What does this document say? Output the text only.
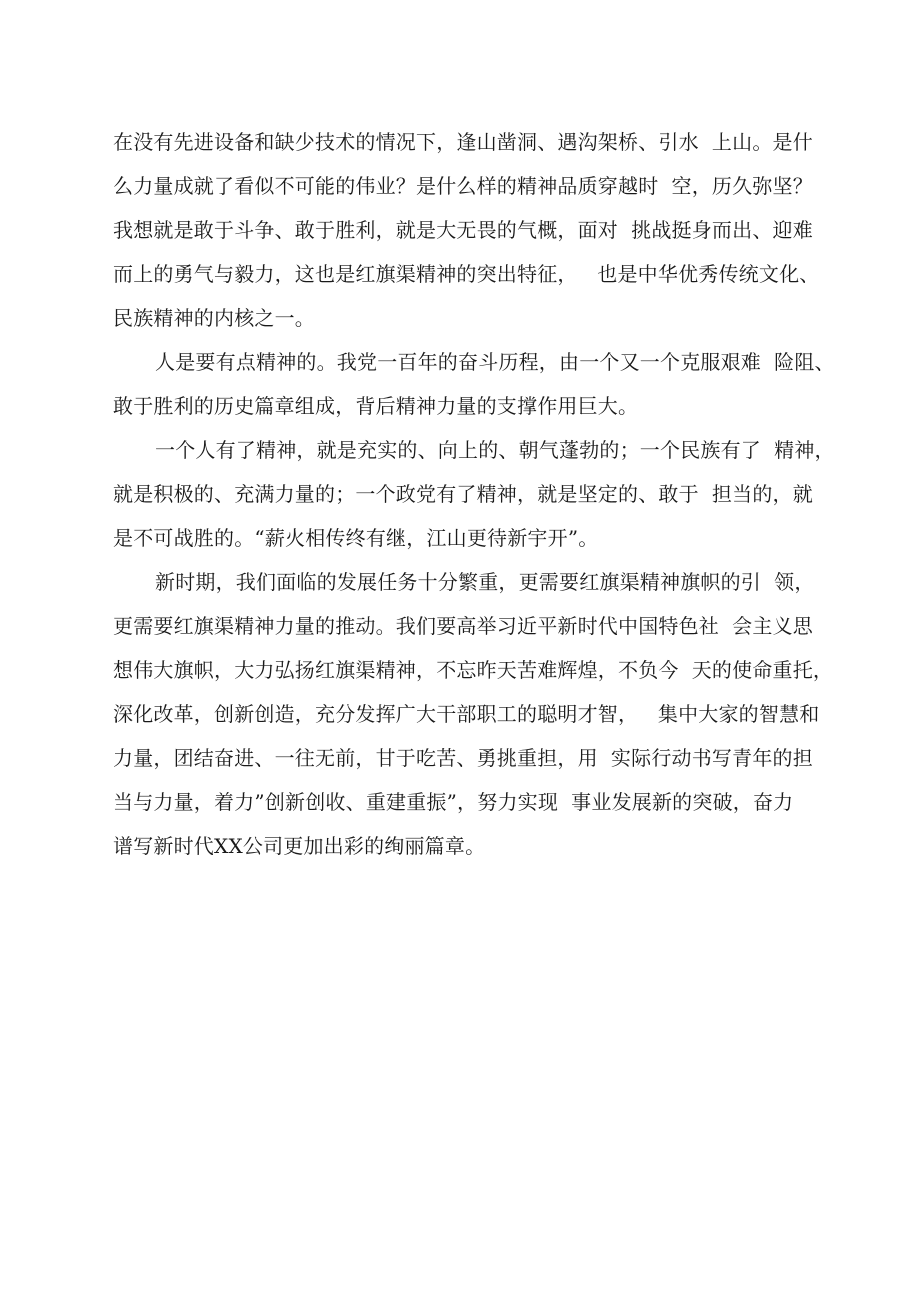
在没有先进设备和缺少技术的情况下，逢山凿洞、遇沟架桥、引水  上山。是什
么力量成就了看似不可能的伟业？是什么样的精神品质穿越时  空，历久弥坚？
我想就是敢于斗争、敢于胜利，就是大无畏的气概，面对  挑战挺身而出、迎难
而上的勇气与毅力，这也是红旗渠精神的突出特征，   也是中华优秀传统文化、
民族精神的内核之一。
人是要有点精神的。我党一百年的奋斗历程，由一个又一个克服艰难  险阻、
敢于胜利的历史篇章组成，背后精神力量的支撑作用巨大。
一个人有了精神，就是充实的、向上的、朝气蓬勃的；一个民族有了  精神，
就是积极的、充满力量的；一个政党有了精神，就是坚定的、敢于  担当的，就
是不可战胜的。“薪火相传终有继，江山更待新宇开”。
新时期，我们面临的发展任务十分繁重，更需要红旗渠精神旗帜的引  领，
更需要红旗渠精神力量的推动。我们要高举习近平新时代中国特色社  会主义思
想伟大旗帜，大力弘扬红旗渠精神，不忘昨天苦难辉煌，不负今  天的使命重托，
深化改革，创新创造，充分发挥广大干部职工的聪明才智，   集中大家的智慧和
力量，团结奋进、一往无前，甘于吃苦、勇挑重担，用  实际行动书写青年的担
当与力量，着力”创新创收、重建重振”，努力实现  事业发展新的突破，奋力
谱写新时代XX公司更加出彩的绚丽篇章。
